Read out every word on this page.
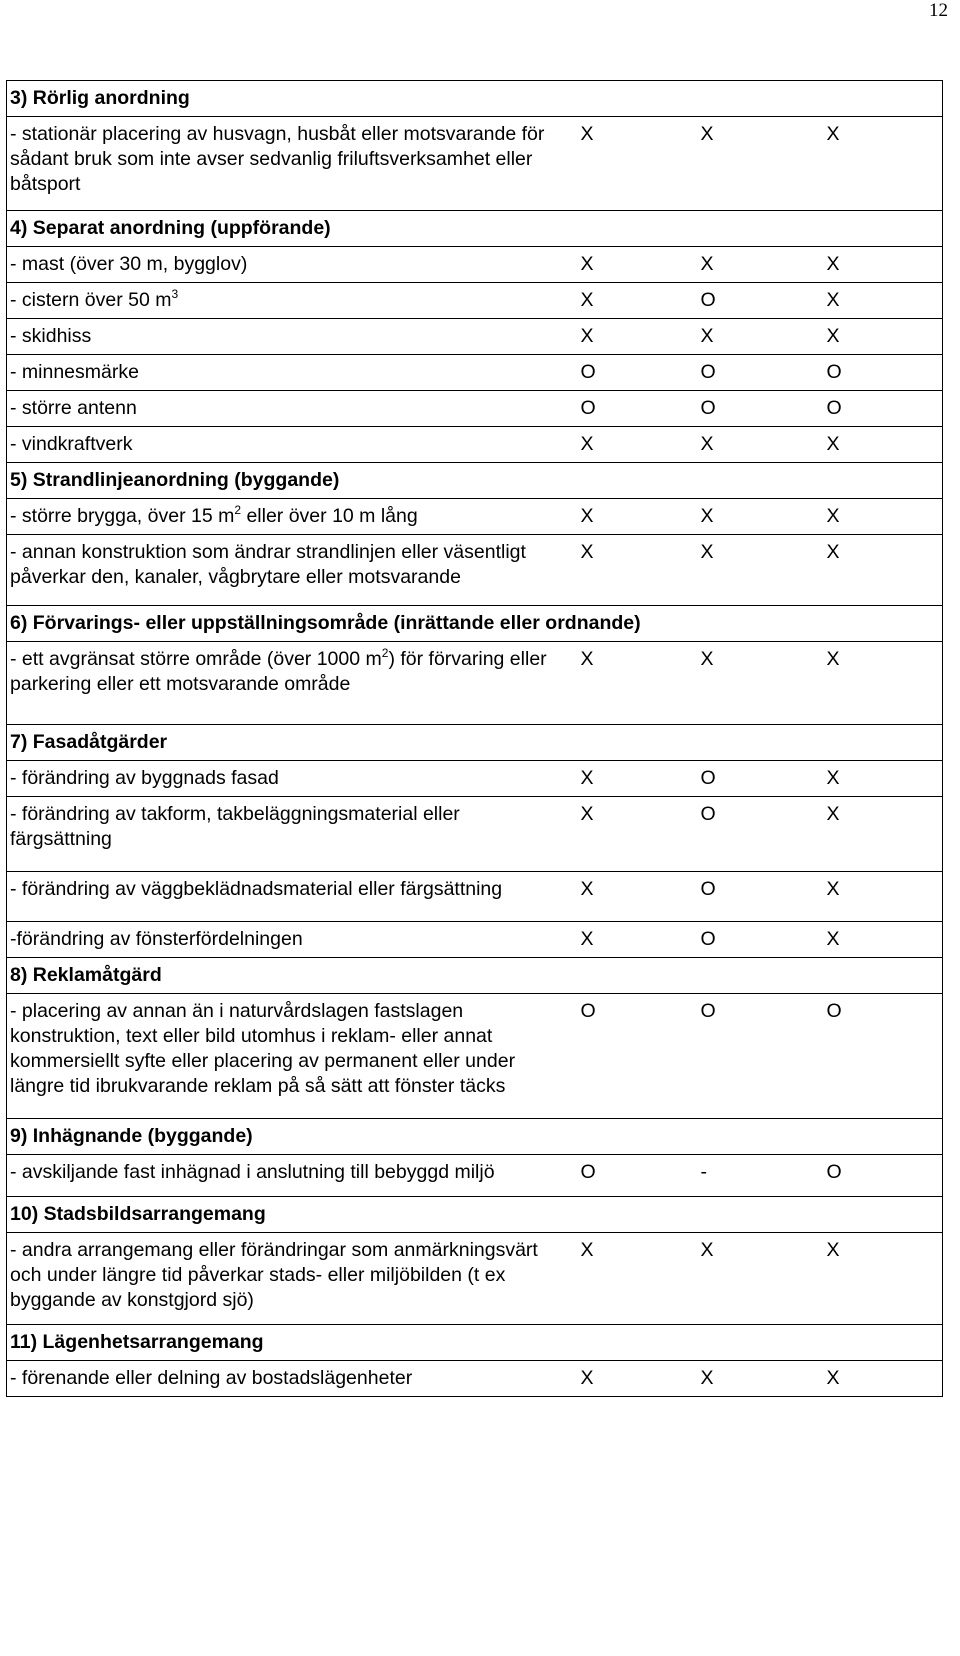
12
3) Rörlig anordning			
- stationär placering av husvagn, husbåt eller motsvarande för sådant bruk som inte avser sedvanlig friluftsverksamhet eller båtsport	X	X	X
4) Separat anordning (uppförande)			
- mast (över 30 m, bygglov)	X	X	X
- cistern över 50 $m^3$	X	O	X
- skidhiss	X	X	X
- minnesmärke	O	O	O
- större antenn	O	O	O
- vindkraftverk	X	X	X
5) Strandlinjeanordning (byggande)			
- större brygga, över 15 $m^2$ eller över 10 m lång	X	X	X
- annan konstruktion som ändrar strandlinjen eller väsentligt påverkar den, kanaler, vågbrytare eller motsvarande	X	X	X
6) Förvarings- eller uppställningsområde (inrättande eller ordnande)			
- ett avgränsat större område (över 1000 $m^2$) för förvaring eller parkering eller ett motsvarande område	X	X	X
7) Fasadåtgärder			
- förändring av byggnads fasad	X	O	X
- förändring av takform, takbeläggningsmaterial eller färgsättning	X	O	X
- förändring av väggbeklädnadsmaterial eller färgsättning	X	O	X
-förändring av fönsterfördelningen	X	O	X
8) Reklamåtgärd			
- placering av annan än i naturvårdslagen fastslagen konstruktion, text eller bild utomhus i reklam- eller annat kommersiellt syfte eller placering av permanent eller under längre tid ibrukvarande reklam på så sätt att fönster täcks	O	O	O
9) Inhägnande (byggande)			
- avskiljande fast inhägnad i anslutning till bebyggd miljö	O	-	O
10) Stadsbildsarrangemang			
- andra arrangemang eller förändringar som anmärkningsvärt och under längre tid påverkar stads- eller miljöbilden (t ex byggande av konstgjord sjö)	X	X	X
11) Lägenhetsarrangemang			
- förenande eller delning av bostadslägenheter	X	X	X
